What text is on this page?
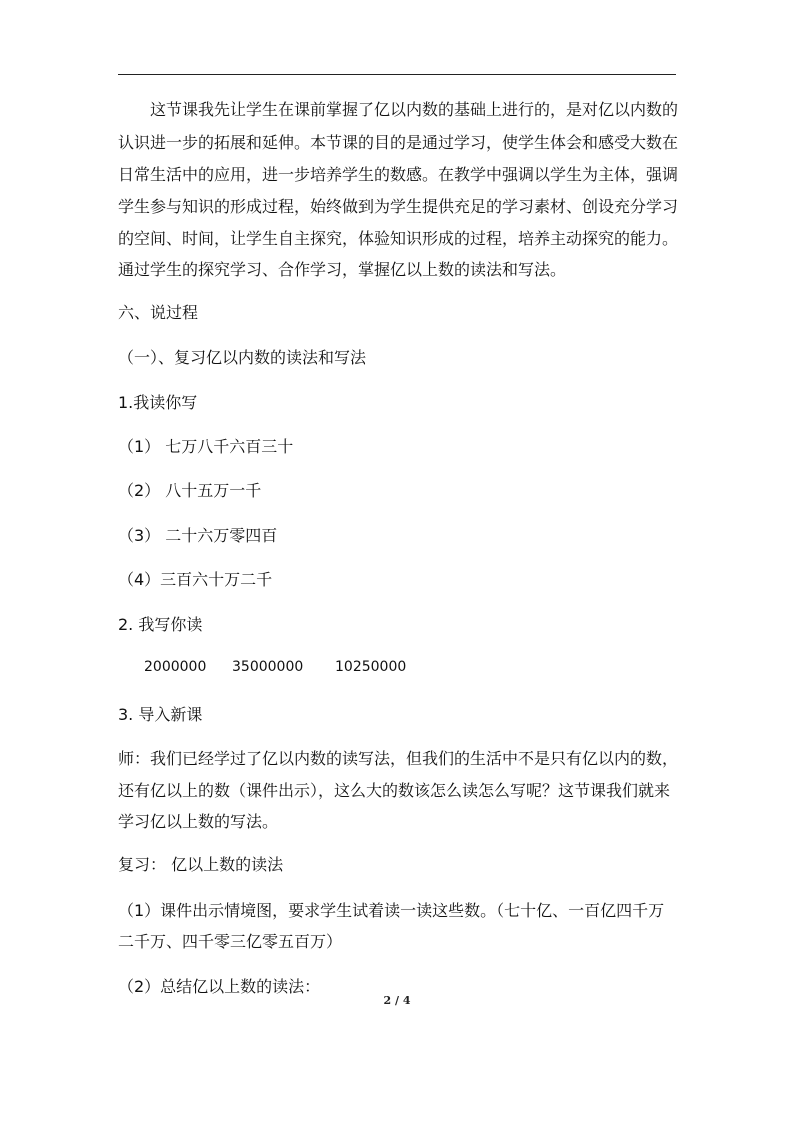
　　这节课我先让学生在课前掌握了亿以内数的基础上进行的，是对亿以内数的
认识进一步的拓展和延伸。本节课的目的是通过学习，使学生体会和感受大数在
日常生活中的应用，进一步培养学生的数感。在教学中强调以学生为主体，强调
学生参与知识的形成过程，始终做到为学生提供充足的学习素材、创设充分学习
的空间、时间，让学生自主探究，体验知识形成的过程，培养主动探究的能力。
通过学生的探究学习、合作学习，掌握亿以上数的读法和写法。
六、说过程
（一）、复习亿以内数的读法和写法
1.我读你写
（1） 七万八千六百三十
（2） 八十五万一千
（3） 二十六万零四百
（4）三百六十万二千
2. 我写你读
2000000 35000000 10250000
3. 导入新课
师：我们已经学过了亿以内数的读写法，但我们的生活中不是只有亿以内的数，
还有亿以上的数（课件出示），这么大的数该怎么读怎么写呢？这节课我们就来
学习亿以上数的写法。
复习： 亿以上数的读法
（1）课件出示情境图，要求学生试着读一读这些数。（七十亿、一百亿四千万
二千万、四千零三亿零五百万）
（2）总结亿以上数的读法：
2 / 4
